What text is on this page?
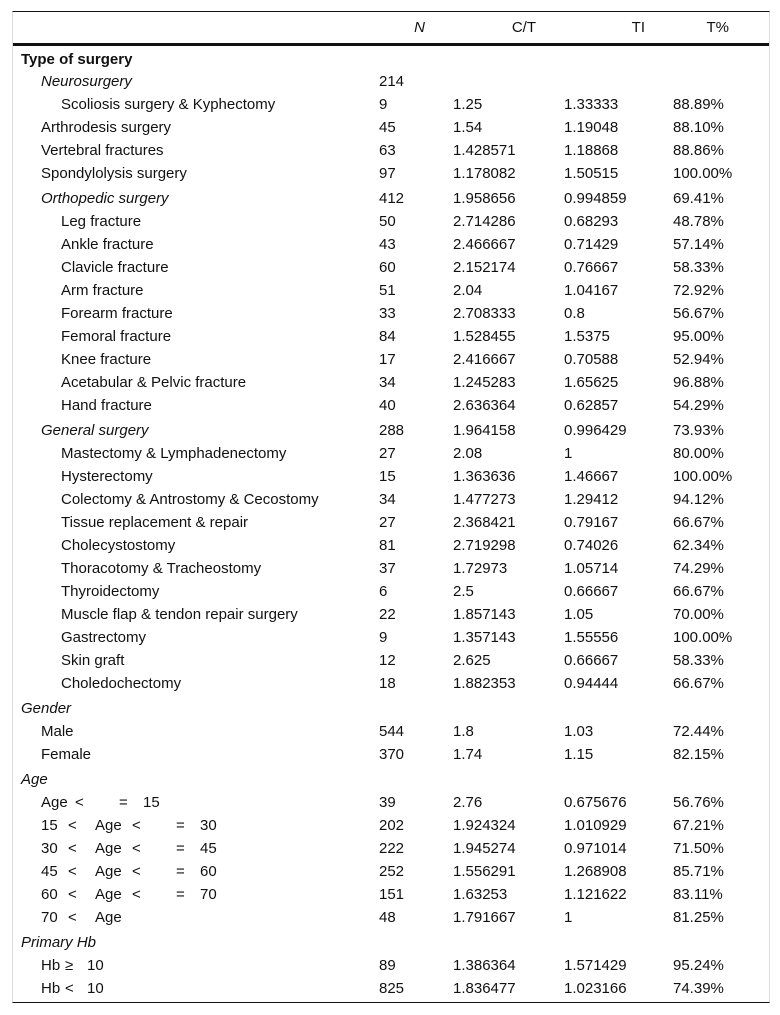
	N	C/T	TI	T%
Type of surgery				
Neurosurgery	214			
Scoliosis surgery & Kyphectomy	9	1.25	1.33333	88.89%
Arthrodesis surgery	45	1.54	1.19048	88.10%
Vertebral fractures	63	1.428571	1.18868	88.86%
Spondylolysis surgery	97	1.178082	1.50515	100.00%
Orthopedic surgery	412	1.958656	0.994859	69.41%
Leg fracture	50	2.714286	0.68293	48.78%
Ankle fracture	43	2.466667	0.71429	57.14%
Clavicle fracture	60	2.152174	0.76667	58.33%
Arm fracture	51	2.04	1.04167	72.92%
Forearm fracture	33	2.708333	0.8	56.67%
Femoral fracture	84	1.528455	1.5375	95.00%
Knee fracture	17	2.416667	0.70588	52.94%
Acetabular & Pelvic fracture	34	1.245283	1.65625	96.88%
Hand fracture	40	2.636364	0.62857	54.29%
General surgery	288	1.964158	0.996429	73.93%
Mastectomy & Lymphadenectomy	27	2.08	1	80.00%
Hysterectomy	15	1.363636	1.46667	100.00%
Colectomy & Antrostomy & Cecostomy	34	1.477273	1.29412	94.12%
Tissue replacement & repair	27	2.368421	0.79167	66.67%
Cholecystostomy	81	2.719298	0.74026	62.34%
Thoracotomy & Tracheostomy	37	1.72973	1.05714	74.29%
Thyroidectomy	6	2.5	0.66667	66.67%
Muscle flap & tendon repair surgery	22	1.857143	1.05	70.00%
Gastrectomy	9	1.357143	1.55556	100.00%
Skin graft	12	2.625	0.66667	58.33%
Choledochectomy	18	1.882353	0.94444	66.67%
Gender				
Male	544	1.8	1.03	72.44%
Female	370	1.74	1.15	82.15%
Age				
Age < = 15	39	2.76	0.675676	56.76%
15 < Age < = 30	202	1.924324	1.010929	67.21%
30 < Age < = 45	222	1.945274	0.971014	71.50%
45 < Age < = 60	252	1.556291	1.268908	85.71%
60 < Age < = 70	151	1.63253	1.121622	83.11%
70 < Age	48	1.791667	1	81.25%
Primary Hb				
Hb ≥ 10	89	1.386364	1.571429	95.24%
Hb < 10	825	1.836477	1.023166	74.39%
